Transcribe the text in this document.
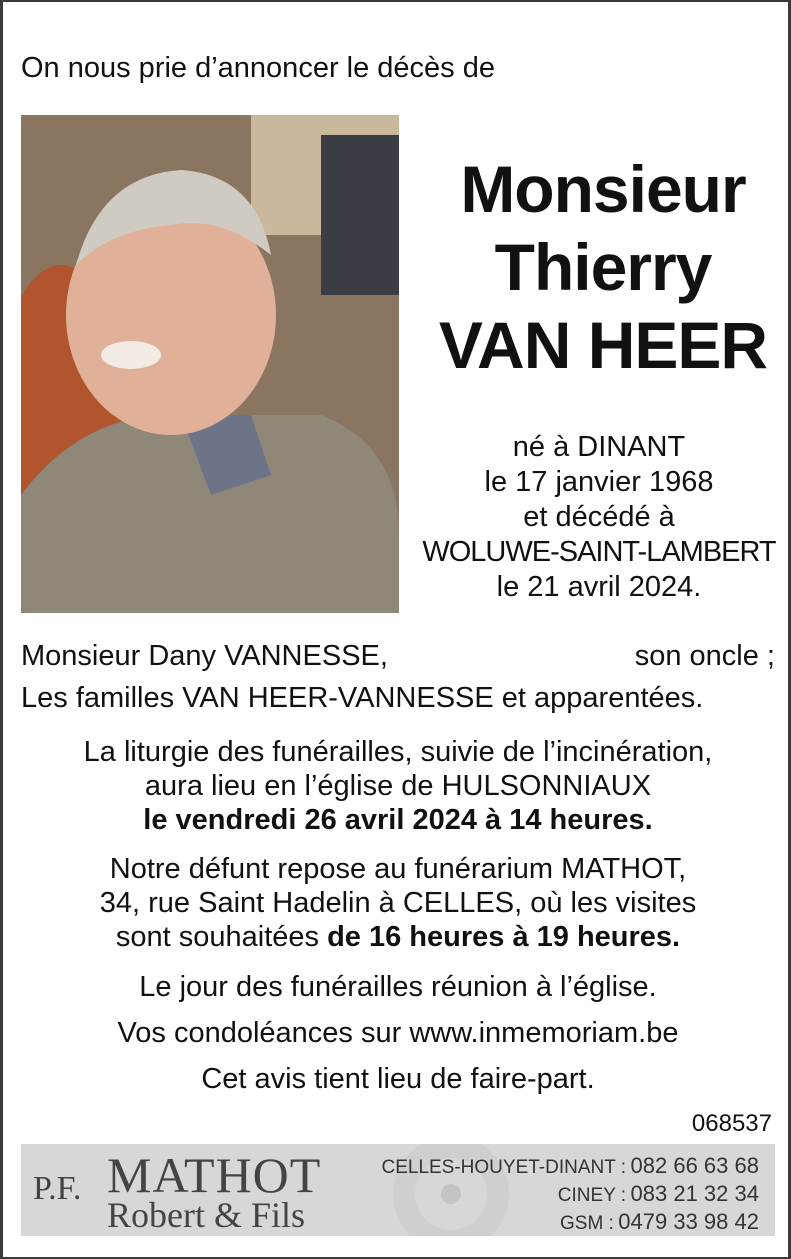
On nous prie d’annoncer le décès de
Monsieur
Thierry
VAN HEER
né à DINANT
le 17 janvier 1968
et décédé à
WOLUWE-SAINT-LAMBERT
le 21 avril 2024.
Monsieur Dany VANNESSE,	son oncle ;
Les familles VAN HEER-VANNESSE et apparentées.
La liturgie des funérailles, suivie de l’incinération,
aura lieu en l’église de HULSONNIAUX
le vendredi 26 avril 2024 à 14 heures.
Notre défunt repose au funérarium MATHOT,
34, rue Saint Hadelin à CELLES, où les visites
sont souhaitées de 16 heures à 19 heures.
Le jour des funérailles réunion à l’église.
Vos condoléances sur www.inmemoriam.be
Cet avis tient lieu de faire-part.
068537
P.F. MATHOT
Robert & Fils
CELLES-HOUYET-DINANT : 082 66 63 68
CINEY : 083 21 32 34
GSM : 0479 33 98 42
